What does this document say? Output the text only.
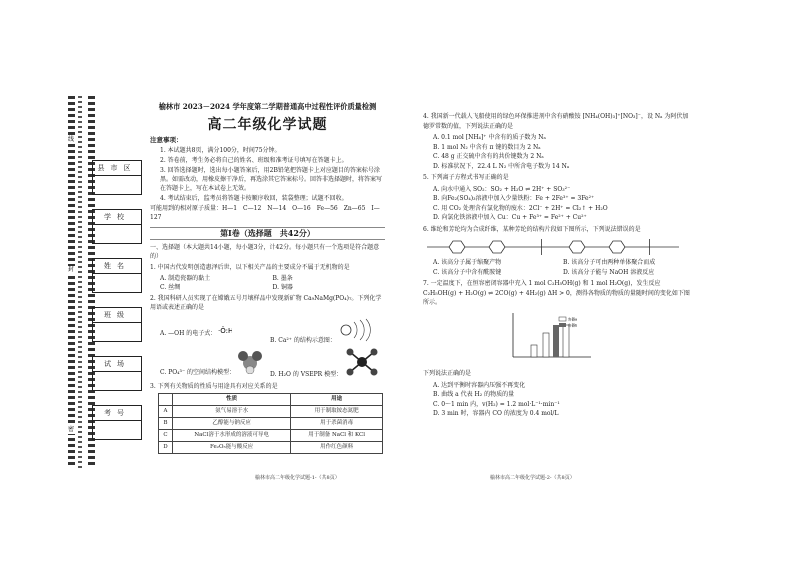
线
封
密
县市区
学校
姓名
班级
试场
考号
榆林市 2023－2024 学年度第二学期普通高中过程性评价质量检测
高二年级化学试题
注意事项：
1. 本试题共8页，满分100分，时间75分钟。
2. 答卷前，考生务必将自己的姓名、班级和准考证号填写在答题卡上。
3. 回答选择题时，选出每小题答案后，用2B铅笔把答题卡上对应题目的答案标号涂黑。如需改动，用橡皮擦干净后，再选涂其它答案标号。回答非选择题时，将答案写在答题卡上，写在本试卷上无效。
4. 考试结束后，监考员将答题卡按顺序收回，装袋整理；试题不回收。
可能用到的相对原子质量：H—1　C—12　N—14　O—16　Fe—56　Zn—65　I—127
第Ⅰ卷（选择题　共42分）
一、选择题（本大题共14小题，每小题3分，计42分。每小题只有一个选项是符合题意的）
1. 中国古代发明创造惠泽后世，以下相关产品的主要成分不属于无机物的是
A. 制造瓷器的黏土	B. 墨条
C. 丝绸	D. 铜器
2. 我国科研人员实现了在嫦娥五号月壤样品中发现新矿物 Ca₉NaMg(PO₄)₇。下列化学用语或表述正确的是
A. —OH 的电子式： ·Ö:H
B. Ca²⁺ 的结构示意图：
C. PO₄³⁻ 的空间结构模型：	D. H₂O 的 VSEPR 模型：
3. 下列有关物质的性质与用途具有对应关系的是
	性质	用途
A	氨气易溶于水	用于制取铵态氮肥
B	乙醇能与钠反应	用于杀菌消毒
C	NaCl溶于水形成的溶液可导电	用于制备 NaCl 和 KCl
D	Fe₂O₃能与酸反应	用作红色颜料
榆林市高二年级化学试题-1-（共8页）
4. 我国新一代载人飞船使用的绿色环保推进剂中含有硝酸铵 [NH₄(OH)₃]⁺[NO₃]⁻，设 Nₐ 为阿伏加德罗常数的值，下列说法正确的是
A. 0.1 mol [NH₄]⁺ 中含有的质子数为 Nₐ
B. 1 mol N₂ 中含有 π 键的数目为 2 Nₐ
C. 48 g 正交硫中含有的共价键数为 2 Nₐ
D. 标准状况下，22.4 L N₂ 中所含电子数为 14 Nₐ
5. 下列离子方程式书写正确的是
A. 向水中通入 SO₂：SO₂ + H₂O ⇌ 2H⁺ + SO₃²⁻
B. 向Fe₂(SO₄)₃溶液中加入少量铁粉：Fe + 2Fe³⁺ = 3Fe²⁺
C. 用 CO₂ 处理含有氯化物的废水：2Cl⁻ + 2H⁺ = Cl₂↑ + H₂O
D. 向氯化铁溶液中加入 Cu：Cu + Fe³⁺ = Fe²⁺ + Cu²⁺
6. 维纶和芳纶均为合成纤维，某种芳纶的结构片段如下图所示，下列说法错误的是
A. 该高分子属于缩聚产物	B. 该高分子可由两种单体聚合而成
C. 该高分子中含有酰胺键	D. 该高分子能与 NaOH 溶液反应
7. 一定温度下，在恒容密闭容器中充入 1 mol C₂H₅OH(g) 和 1 mol H₂O(g)，发生反应 C₂H₅OH(g) + H₂O(g) ⇌ 2CO(g) + 4H₂(g) ΔH > 0，测得各物质的物质的量随时间的变化如下图所示。
容器a
容器b
下列说法正确的是
A. 达到平衡时容器内压强不再变化
B. 曲线 a 代表 H₂ 的物质的量
C. 0～1 min 内，v(H₂) = 1.2 mol·L⁻¹·min⁻¹
D. 3 min 时，容器内 CO 的浓度为 0.4 mol/L
榆林市高二年级化学试题-2-（共8页）
